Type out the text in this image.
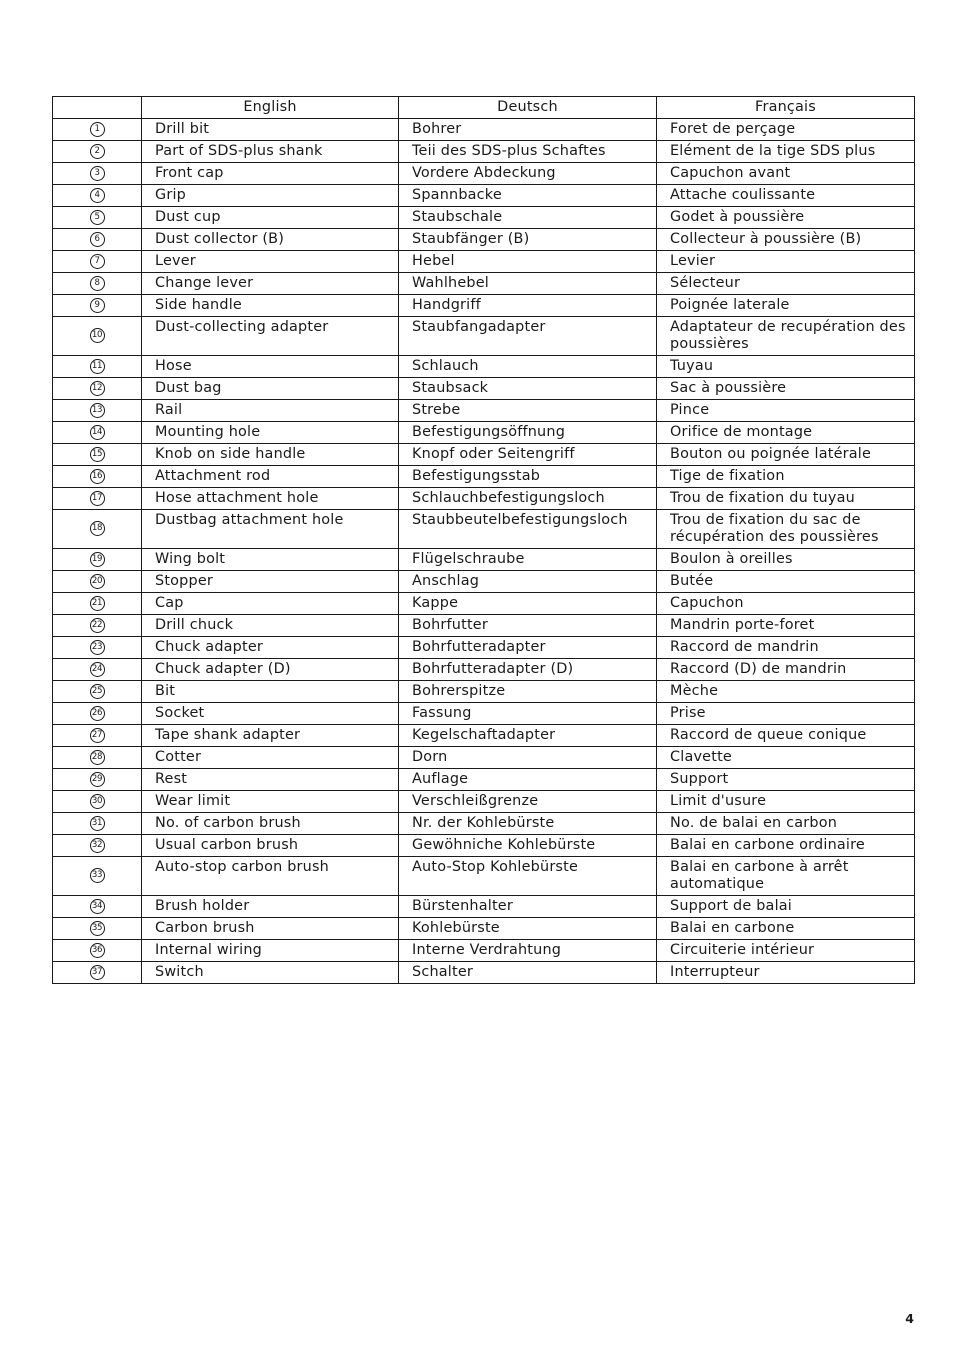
	English	Deutsch	Français
1	Drill bit	Bohrer	Foret de perçage
2	Part of SDS-plus shank	Teii des SDS-plus Schaftes	Elément de la tige SDS plus
3	Front cap	Vordere Abdeckung	Capuchon avant
4	Grip	Spannbacke	Attache coulissante
5	Dust cup	Staubschale	Godet à poussière
6	Dust collector (B)	Staubfänger (B)	Collecteur à poussière (B)
7	Lever	Hebel	Levier
8	Change lever	Wahlhebel	Sélecteur
9	Side handle	Handgriff	Poignée laterale
10	Dust-collecting adapter	Staubfangadapter	Adaptateur de recupération des poussières
11	Hose	Schlauch	Tuyau
12	Dust bag	Staubsack	Sac à poussière
13	Rail	Strebe	Pince
14	Mounting hole	Befestigungsöffnung	Orifice de montage
15	Knob on side handle	Knopf oder Seitengriff	Bouton ou poignée latérale
16	Attachment rod	Befestigungsstab	Tige de fixation
17	Hose attachment hole	Schlauchbefestigungsloch	Trou de fixation du tuyau
18	Dustbag attachment hole	Staubbeutelbefestigungsloch	Trou de fixation du sac de récupération des poussières
19	Wing bolt	Flügelschraube	Boulon à oreilles
20	Stopper	Anschlag	Butée
21	Cap	Kappe	Capuchon
22	Drill chuck	Bohrfutter	Mandrin porte-foret
23	Chuck adapter	Bohrfutteradapter	Raccord de mandrin
24	Chuck adapter (D)	Bohrfutteradapter (D)	Raccord (D) de mandrin
25	Bit	Bohrerspitze	Mèche
26	Socket	Fassung	Prise
27	Tape shank adapter	Kegelschaftadapter	Raccord de queue conique
28	Cotter	Dorn	Clavette
29	Rest	Auflage	Support
30	Wear limit	Verschleißgrenze	Limit d'usure
31	No. of carbon brush	Nr. der Kohlebürste	No. de balai en carbon
32	Usual carbon brush	Gewöhniche Kohlebürste	Balai en carbone ordinaire
33	Auto-stop carbon brush	Auto-Stop Kohlebürste	Balai en carbone à arrêt automatique
34	Brush holder	Bürstenhalter	Support de balai
35	Carbon brush	Kohlebürste	Balai en carbone
36	Internal wiring	Interne Verdrahtung	Circuiterie intérieur
37	Switch	Schalter	Interrupteur
4
